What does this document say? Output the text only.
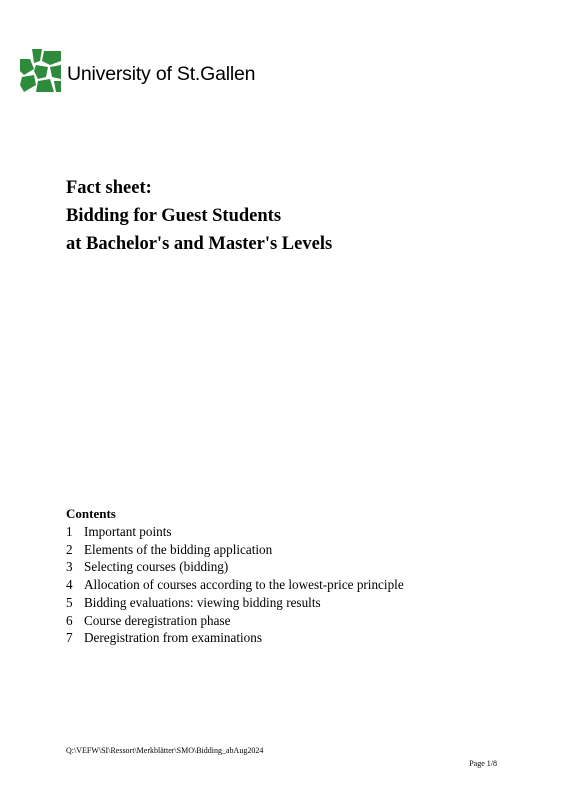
University of St.Gallen
Fact sheet:
Bidding for Guest Students
at Bachelor's and Master's Levels
Contents
1 Important points
2 Elements of the bidding application
3 Selecting courses (bidding)
4 Allocation of courses according to the lowest-price principle
5 Bidding evaluations: viewing bidding results
6 Course deregistration phase
7 Deregistration from examinations
Q:\VEFW\SI\Ressort\Merkblätter\SMO\Bidding_abAug2024
Page 1/8
